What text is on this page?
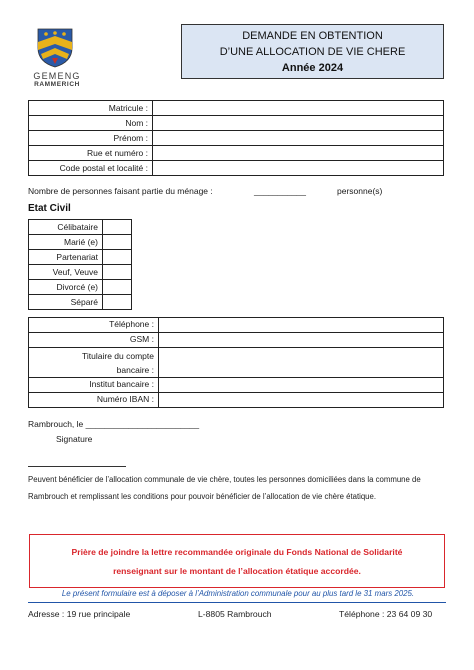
GEMENG
RAMMERICH
DEMANDE EN OBTENTION
D’UNE ALLOCATION DE VIE CHERE
Année 2024
Matricule :	
Nom :	
Prénom :	
Rue et numéro :	
Code postal et localité :	
Nombre de personnes faisant partie du ménage :	___________	personne(s)
Etat Civil
Célibataire	
Marié (e)	
Partenariat	
Veuf, Veuve	
Divorcé (e)	
Séparé	
Téléphone :	
GSM :	
Titulaire du compte
bancaire :	
Institut bancaire :	
Numéro IBAN :	
Rambrouch, le ________________________
Signature
Peuvent bénéficier de l’allocation communale de vie chère, toutes les personnes domiciliées dans la commune de
Rambrouch et remplissant les conditions pour pouvoir bénéficier de l’allocation de vie chère étatique.
Prière de joindre la lettre recommandée originale du Fonds National de Solidarité
renseignant sur le montant de l’allocation étatique accordée.
Le présent formulaire est à déposer à l’Administration communale pour au plus tard le 31 mars 2025.
Adresse : 19 rue principale	L-8805 Rambrouch	Téléphone : 23 64 09 30
